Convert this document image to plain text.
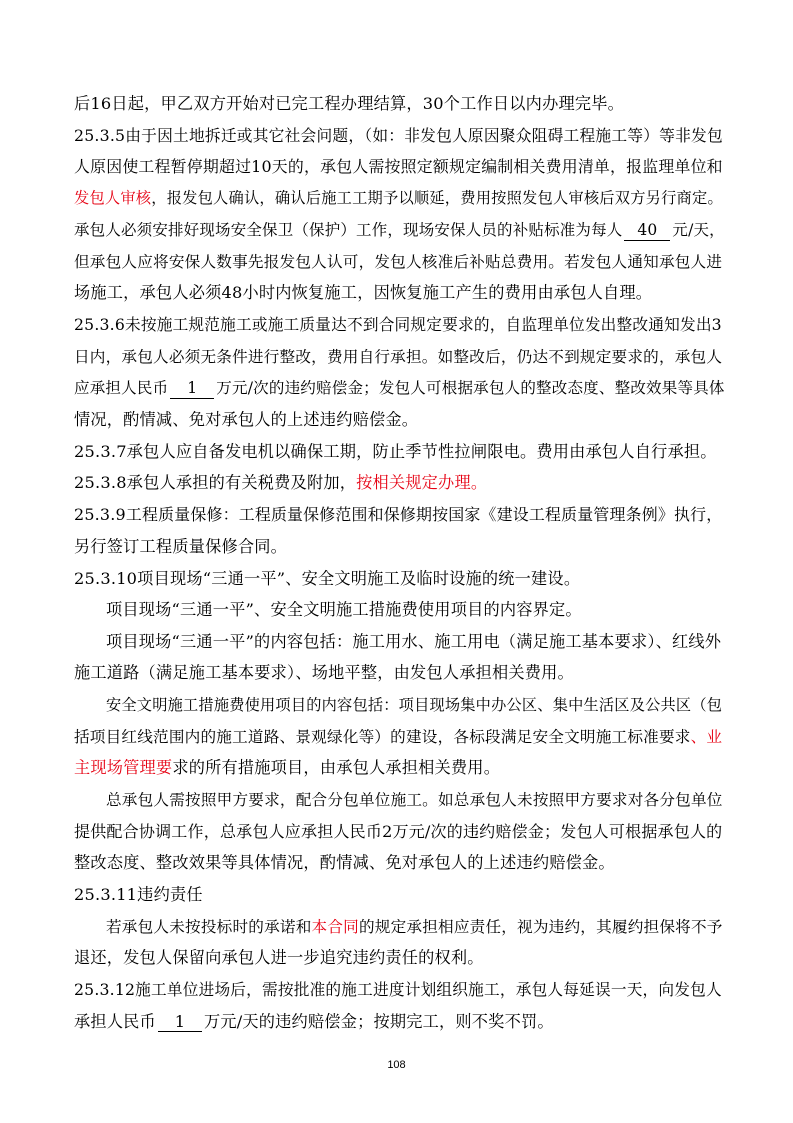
后16日起，甲乙双方开始对已完工程办理结算，30个工作日以内办理完毕。
25.3.5由于因土地拆迁或其它社会问题，（如：非发包人原因聚众阻碍工程施工等）等非发包
人原因使工程暂停期超过10天的，承包人需按照定额规定编制相关费用清单，报监理单位和
发包人审核，报发包人确认，确认后施工工期予以顺延，费用按照发包人审核后双方另行商定。
承包人必须安排好现场安全保卫（保护）工作，现场安保人员的补贴标准为每人 40 元/天，
但承包人应将安保人数事先报发包人认可，发包人核准后补贴总费用。若发包人通知承包人进
场施工，承包人必须48小时内恢复施工，因恢复施工产生的费用由承包人自理。
25.3.6未按施工规范施工或施工质量达不到合同规定要求的，自监理单位发出整改通知发出3
日内，承包人必须无条件进行整改，费用自行承担。如整改后，仍达不到规定要求的，承包人
应承担人民币 1 万元/次的违约赔偿金；发包人可根据承包人的整改态度、整改效果等具体
情况，酌情减、免对承包人的上述违约赔偿金。
25.3.7承包人应自备发电机以确保工期，防止季节性拉闸限电。费用由承包人自行承担。
25.3.8承包人承担的有关税费及附加，按相关规定办理。
25.3.9工程质量保修：工程质量保修范围和保修期按国家《建设工程质量管理条例》执行，
另行签订工程质量保修合同。
25.3.10项目现场“三通一平”、安全文明施工及临时设施的统一建设。
项目现场“三通一平”、安全文明施工措施费使用项目的内容界定。
项目现场“三通一平”的内容包括：施工用水、施工用电（满足施工基本要求）、红线外
施工道路（满足施工基本要求）、场地平整，由发包人承担相关费用。
安全文明施工措施费使用项目的内容包括：项目现场集中办公区、集中生活区及公共区（包
括项目红线范围内的施工道路、景观绿化等）的建设，各标段满足安全文明施工标准要求、业
主现场管理要求的所有措施项目，由承包人承担相关费用。
总承包人需按照甲方要求，配合分包单位施工。如总承包人未按照甲方要求对各分包单位
提供配合协调工作，总承包人应承担人民币2万元/次的违约赔偿金；发包人可根据承包人的
整改态度、整改效果等具体情况，酌情减、免对承包人的上述违约赔偿金。
25.3.11违约责任
若承包人未按投标时的承诺和本合同的规定承担相应责任，视为违约，其履约担保将不予
退还，发包人保留向承包人进一步追究违约责任的权利。
25.3.12施工单位进场后，需按批准的施工进度计划组织施工，承包人每延误一天，向发包人
承担人民币 1 万元/天的违约赔偿金；按期完工，则不奖不罚。
108
